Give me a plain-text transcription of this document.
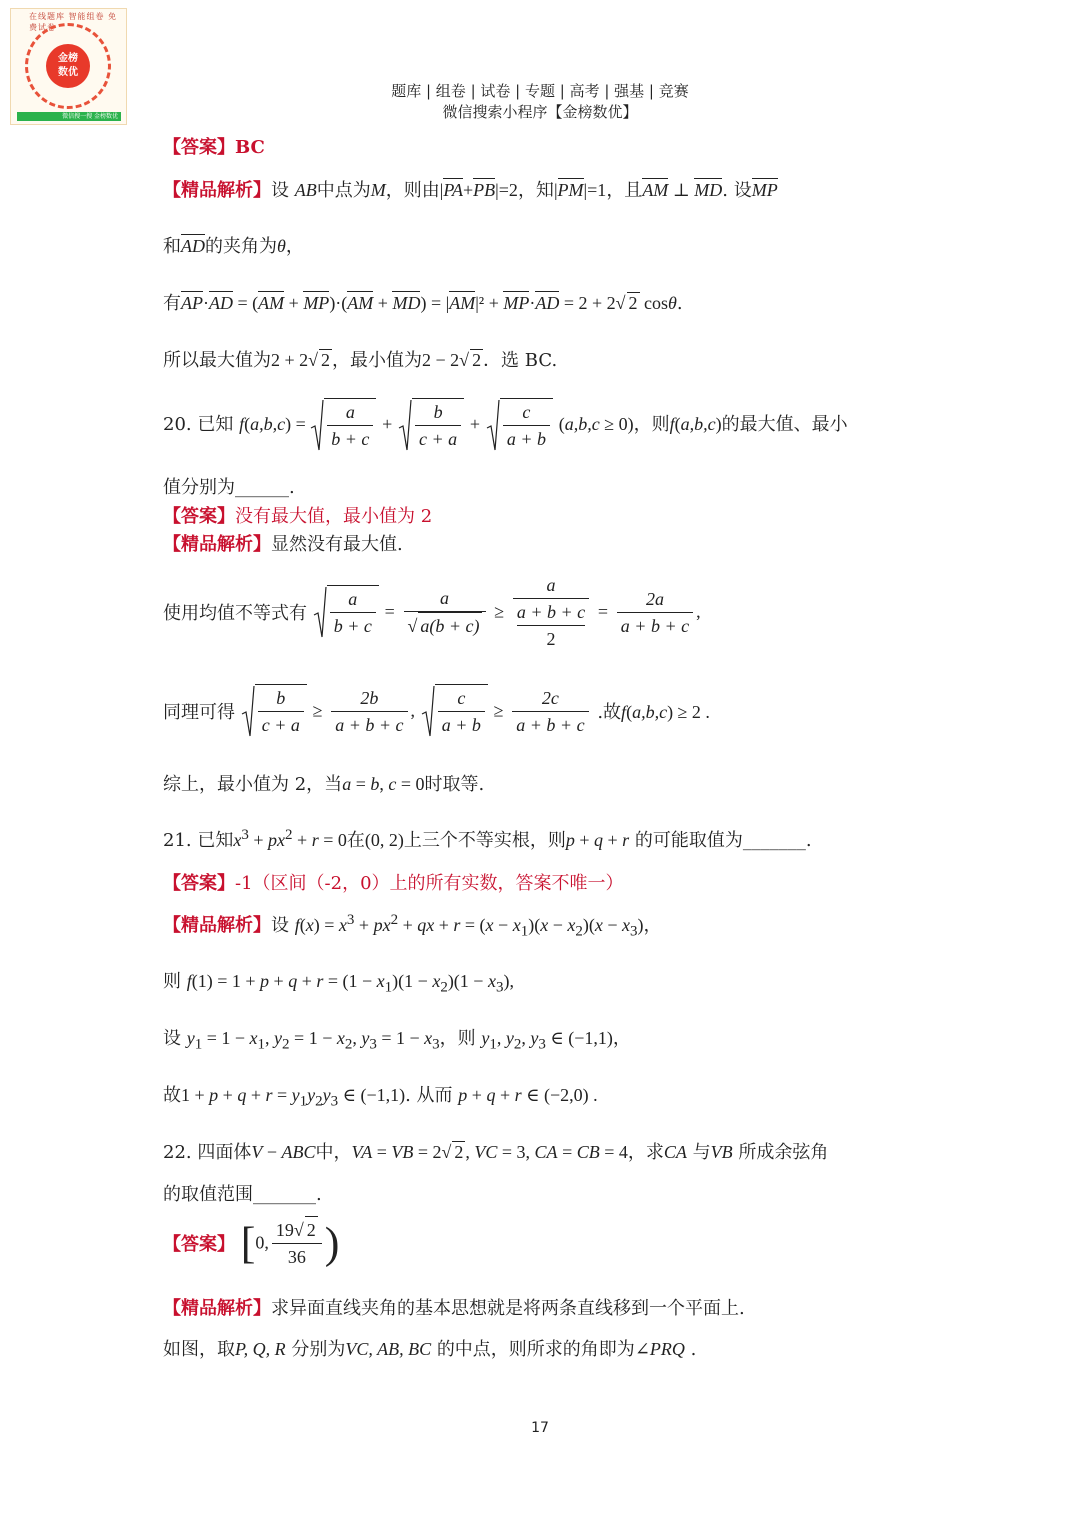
在线题库 智能组卷 免费试卷
金榜
数优
微信搜一搜 金榜数优
题库 | 组卷 | 试卷 | 专题 | 高考 | 强基 | 竞赛
微信搜索小程序【金榜数优】
【答案】BC
【精品解析】设 AB中点为M，则由|PA+PB|=2，知|PM|=1，且AM ⊥ MD. 设MP
和AD的夹角为θ，
有AP·AD = (AM + MP)·(AM + MD) = |AM|² + MP·AD = 2 + 2√ 2 cosθ.
所以最大值为2 + 2√ 2 ，最小值为2 − 2√ 2 ．选 BC.
20. 已知 $f(a,b,c) = \frac{a}{b + c} + \frac{b}{c + a} + \frac{c}{a + b} (a,b,c \ge 0)$，则f(a,b,c)的最大值、最小
值分别为______.
【答案】没有最大值，最小值为 2
【精品解析】显然没有最大值.
使用均值不等式有 $\frac{a}{b + c} = \frac{a}{√ a(b + c)} \ge a$
a + b + c
$2 = \frac{2a}{a + b + c}$ ,
同理可得 $\frac{b}{c + a} \ge \frac{2b}{a + b + c}$ , $\frac{c}{a + b} \ge \frac{2c}{a + b + c}$ .故f(a,b,c) ≥ 2 .
综上，最小值为 2，当a = b, c = 0时取等.
21. 已知$x^3 + px^2 + r = 0$在(0, 2)上三个不等实根，则p + q + r 的可能取值为_______.
【答案】-1（区间（-2，0）上的所有实数，答案不唯一）
【精品解析】设 $f(x) = x^3 + px^2$ + qx + $r = (x - x_1)(x - x_2)(x - x_3)$，
则 $f(1) = 1 + p + q + r = (1 - x_1)(1 - x_2)(1 - x_3)$,
设 $y_1 = 1 - x_1$, $y_2 = 1 - x_2$, $y_3 = 1 - x_3$，则 $y_1$, $y_2$, $y_3$ ∈ (−1,1)，
故$1 + p + q + r = y_1y_2y_3$ ∈ (−1,1). 从而 p + q + r ∈ (−2,0) .
22. 四面体V − ABC中，VA = VB = 2√ 2 , VC = 3, CA = CB = 4，求CA 与VB 所成余弦角
的取值范围_______.
【答案】 [0, $\frac{19√ 2}{36}$ )
【精品解析】求异面直线夹角的基本思想就是将两条直线移到一个平面上.
如图，取P, Q, R 分别为VC, AB, BC 的中点，则所求的角即为∠PRQ .
17
